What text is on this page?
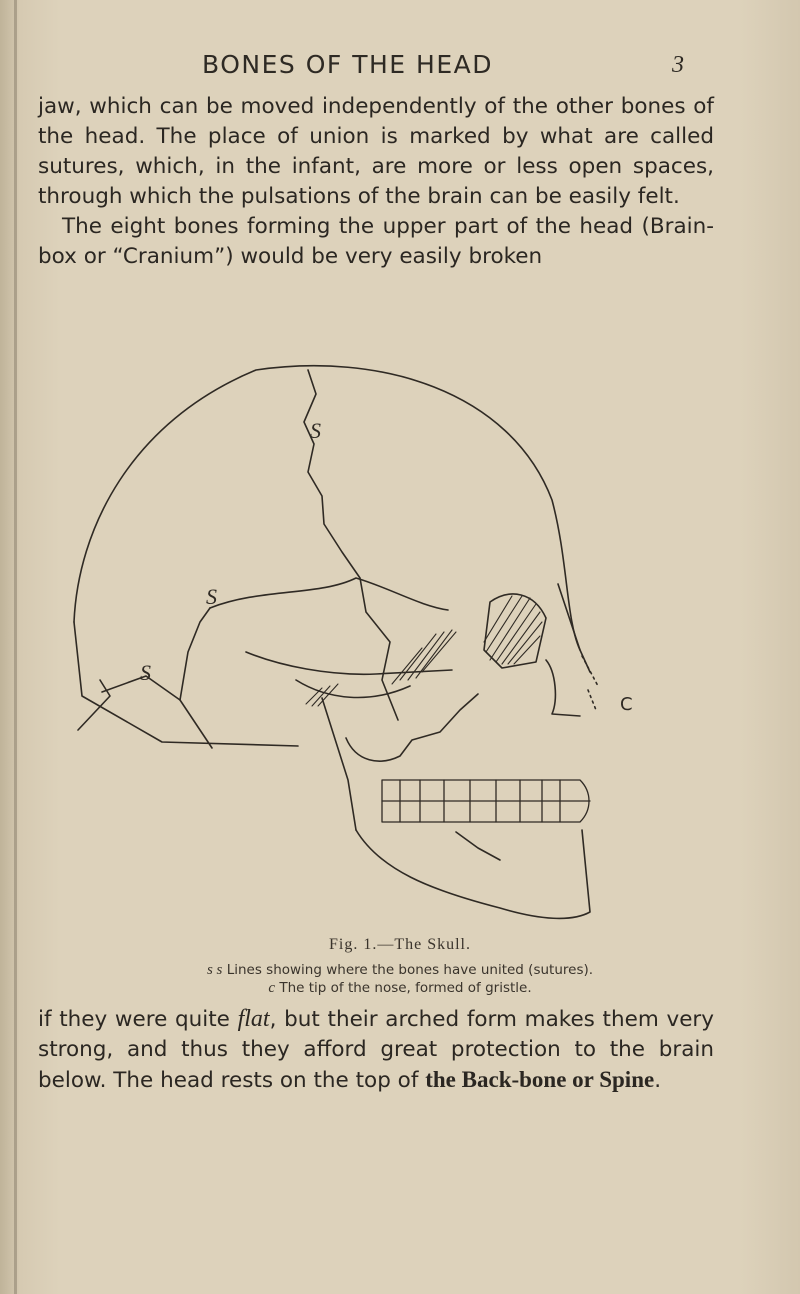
BONES OF THE HEAD	3

jaw, which can be moved independently of the other bones of the head. The place of union is marked by what are called sutures, which, in the infant, are more or less open spaces, through which the pulsations of the brain can be easily felt.

The eight bones forming the upper part of the head (Brain-box or “Cranium”) would be very easily broken

S
S
S
C
Fig. 1.—The Skull.
s s Lines showing where the bones have united (sutures).
c The tip of the nose, formed of gristle.

if they were quite flat, but their arched form makes them very strong, and thus they afford great protection to the brain below. The head rests on the top of the Back-bone or Spine.
